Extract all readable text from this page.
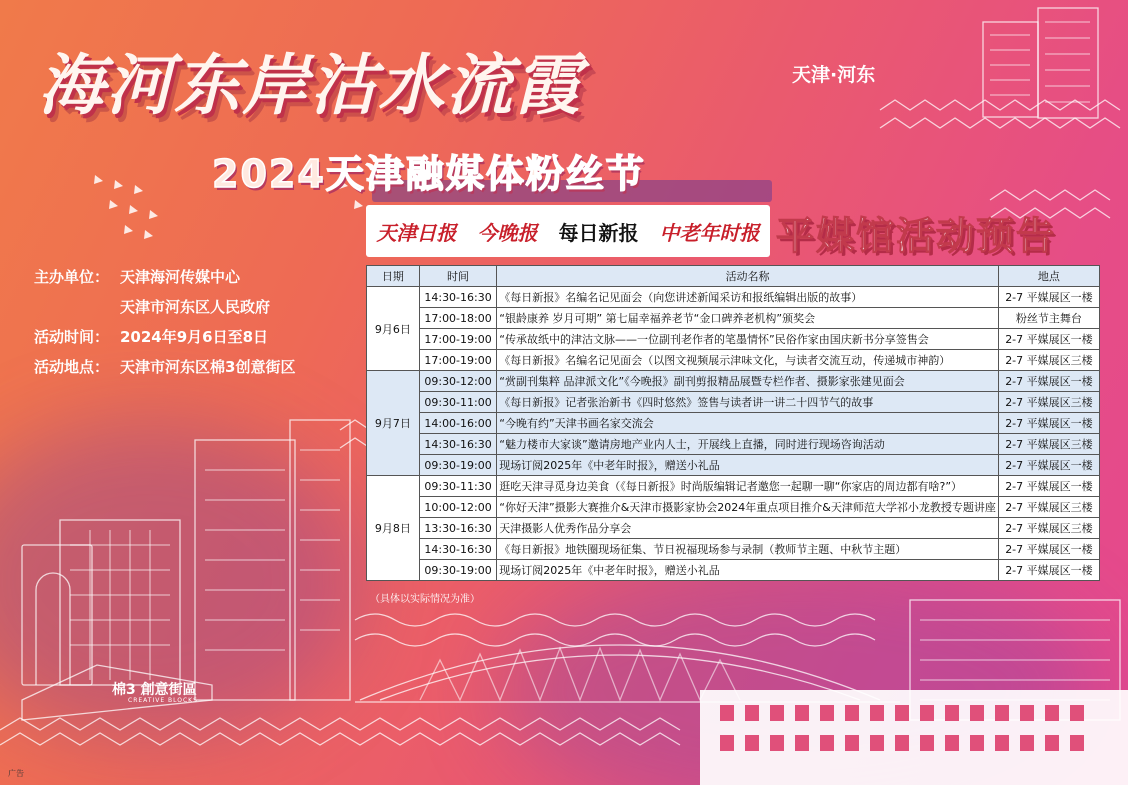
海河东岸沽水流霞	天津·河东
2024天津融媒体粉丝节
天津日报 今晚报 每日新报 中老年时报 平媒馆活动预告
主办单位： 天津海河传媒中心
天津市河东区人民政府
活动时间： 2024年9月6日至8日
活动地点： 天津市河东区棉3创意街区
日期	时间	活动名称	地点
9月6日	14:30-16:30	《每日新报》名编名记见面会（向您讲述新闻采访和报纸编辑出版的故事）	2-7 平媒展区一楼
	17:00-18:00	“银龄康养 岁月可期” 第七届幸福养老节“金口碑养老机构”颁奖会	粉丝节主舞台
	17:00-19:00	“传承故纸中的津沽文脉——一位副刊老作者的笔墨情怀”民俗作家由国庆新书分享签售会	2-7 平媒展区一楼
	17:00-19:00	《每日新报》名编名记见面会（以图文视频展示津味文化，与读者交流互动，传递城市神韵）	2-7 平媒展区三楼
9月7日	09:30-12:00	“赏副刊集粹 品津派文化”《今晚报》副刊剪报精品展暨专栏作者、摄影家张建见面会	2-7 平媒展区一楼
	09:30-11:00	《每日新报》记者张治新书《四时悠然》签售与读者讲一讲二十四节气的故事	2-7 平媒展区三楼
	14:00-16:00	“今晚有约”天津书画名家交流会	2-7 平媒展区一楼
	14:30-16:30	“魅力楼市大家谈”邀请房地产业内人士，开展线上直播，同时进行现场咨询活动	2-7 平媒展区三楼
	09:30-19:00	现场订阅2025年《中老年时报》，赠送小礼品	2-7 平媒展区一楼
9月8日	09:30-11:30	逛吃天津寻觅身边美食（《每日新报》时尚版编辑记者邀您一起聊一聊“你家店的周边都有啥?”）	2-7 平媒展区一楼
	10:00-12:00	“你好天津”摄影大赛推介&天津市摄影家协会2024年重点项目推介&天津师范大学祁小龙教授专题讲座	2-7 平媒展区三楼
	13:30-16:30	天津摄影人优秀作品分享会	2-7 平媒展区三楼
	14:30-16:30	《每日新报》地铁圈现场征集、节日祝福现场参与录制（教师节主题、中秋节主题）	2-7 平媒展区一楼
	09:30-19:00	现场订阅2025年《中老年时报》，赠送小礼品	2-7 平媒展区一楼
（具体以实际情况为准）
棉3 創意街區
CREATIVE BLOCKS
广告
